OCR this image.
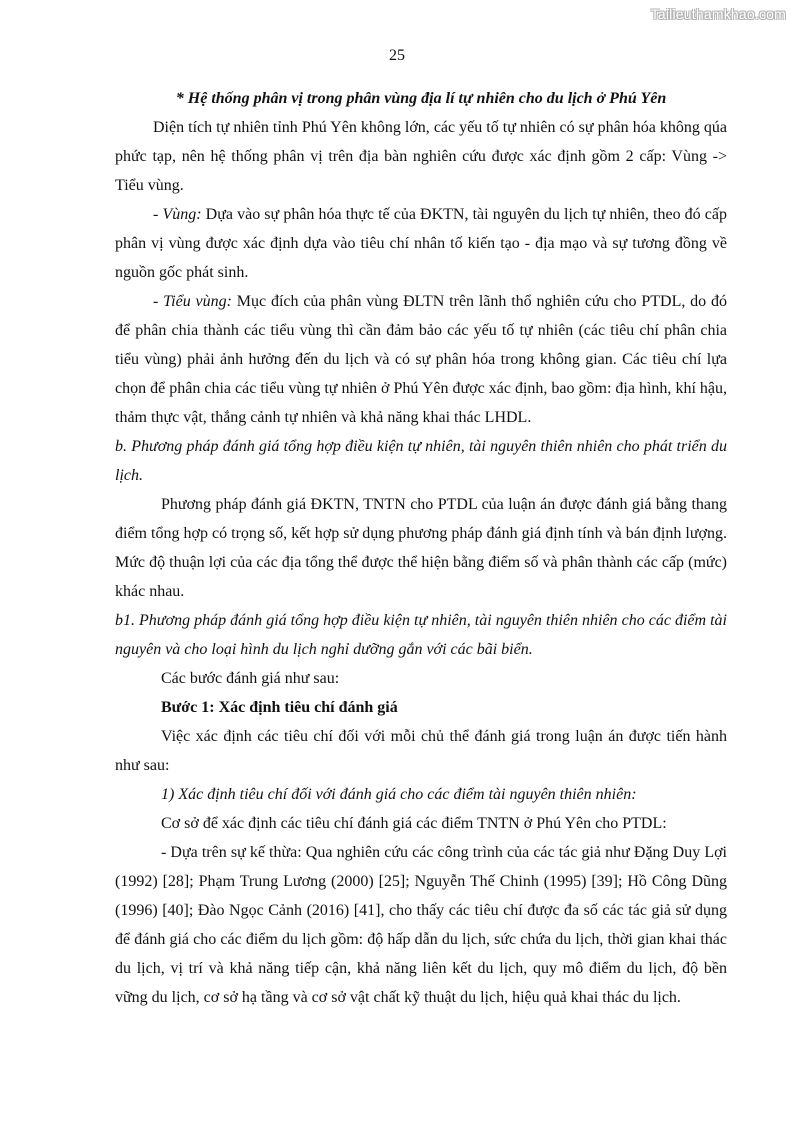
Tailieuthamkhao.com
25

* Hệ thống phân vị trong phân vùng địa lí tự nhiên cho du lịch ở Phú Yên

Diện tích tự nhiên tỉnh Phú Yên không lớn, các yếu tố tự nhiên có sự phân hóa không qúa phức tạp, nên hệ thống phân vị trên địa bàn nghiên cứu được xác định gồm 2 cấp: Vùng -> Tiểu vùng.

- Vùng: Dựa vào sự phân hóa thực tế của ĐKTN, tài nguyên du lịch tự nhiên, theo đó cấp phân vị vùng được xác định dựa vào tiêu chí nhân tố kiến tạo - địa mạo và sự tương đồng về nguồn gốc phát sinh.

- Tiểu vùng: Mục đích của phân vùng ĐLTN trên lãnh thổ nghiên cứu cho PTDL, do đó để phân chia thành các tiểu vùng thì cần đảm bảo các yếu tố tự nhiên (các tiêu chí phân chia tiểu vùng) phải ảnh hưởng đến du lịch và có sự phân hóa trong không gian. Các tiêu chí lựa chọn để phân chia các tiểu vùng tự nhiên ở Phú Yên được xác định, bao gồm: địa hình, khí hậu, thảm thực vật, thắng cảnh tự nhiên và khả năng khai thác LHDL.

b. Phương pháp đánh giá tổng hợp điều kiện tự nhiên, tài nguyên thiên nhiên cho phát triển du lịch.

Phương pháp đánh giá ĐKTN, TNTN cho PTDL của luận án được đánh giá bằng thang điểm tổng hợp có trọng số, kết hợp sử dụng phương pháp đánh giá định tính và bán định lượng. Mức độ thuận lợi của các địa tổng thể được thể hiện bằng điểm số và phân thành các cấp (mức) khác nhau.

b1. Phương pháp đánh giá tổng hợp điều kiện tự nhiên, tài nguyên thiên nhiên cho các điểm tài nguyên và cho loại hình du lịch nghỉ dưỡng gắn với các bãi biển.

Các bước đánh giá như sau:

Bước 1: Xác định tiêu chí đánh giá

Việc xác định các tiêu chí đối với mỗi chủ thể đánh giá trong luận án được tiến hành như sau:

1) Xác định tiêu chí đối với đánh giá cho các điểm tài nguyên thiên nhiên:

Cơ sở để xác định các tiêu chí đánh giá các điểm TNTN ở Phú Yên cho PTDL:

- Dựa trên sự kế thừa: Qua nghiên cứu các công trình của các tác giả như Đặng Duy Lợi (1992) [28]; Phạm Trung Lương (2000) [25]; Nguyễn Thế Chinh (1995) [39]; Hồ Công Dũng (1996) [40]; Đào Ngọc Cảnh (2016) [41], cho thấy các tiêu chí được đa số các tác giả sử dụng để đánh giá cho các điểm du lịch gồm: độ hấp dẫn du lịch, sức chứa du lịch, thời gian khai thác du lịch, vị trí và khả năng tiếp cận, khả năng liên kết du lịch, quy mô điểm du lịch, độ bền vững du lịch, cơ sở hạ tầng và cơ sở vật chất kỹ thuật du lịch, hiệu quả khai thác du lịch.
